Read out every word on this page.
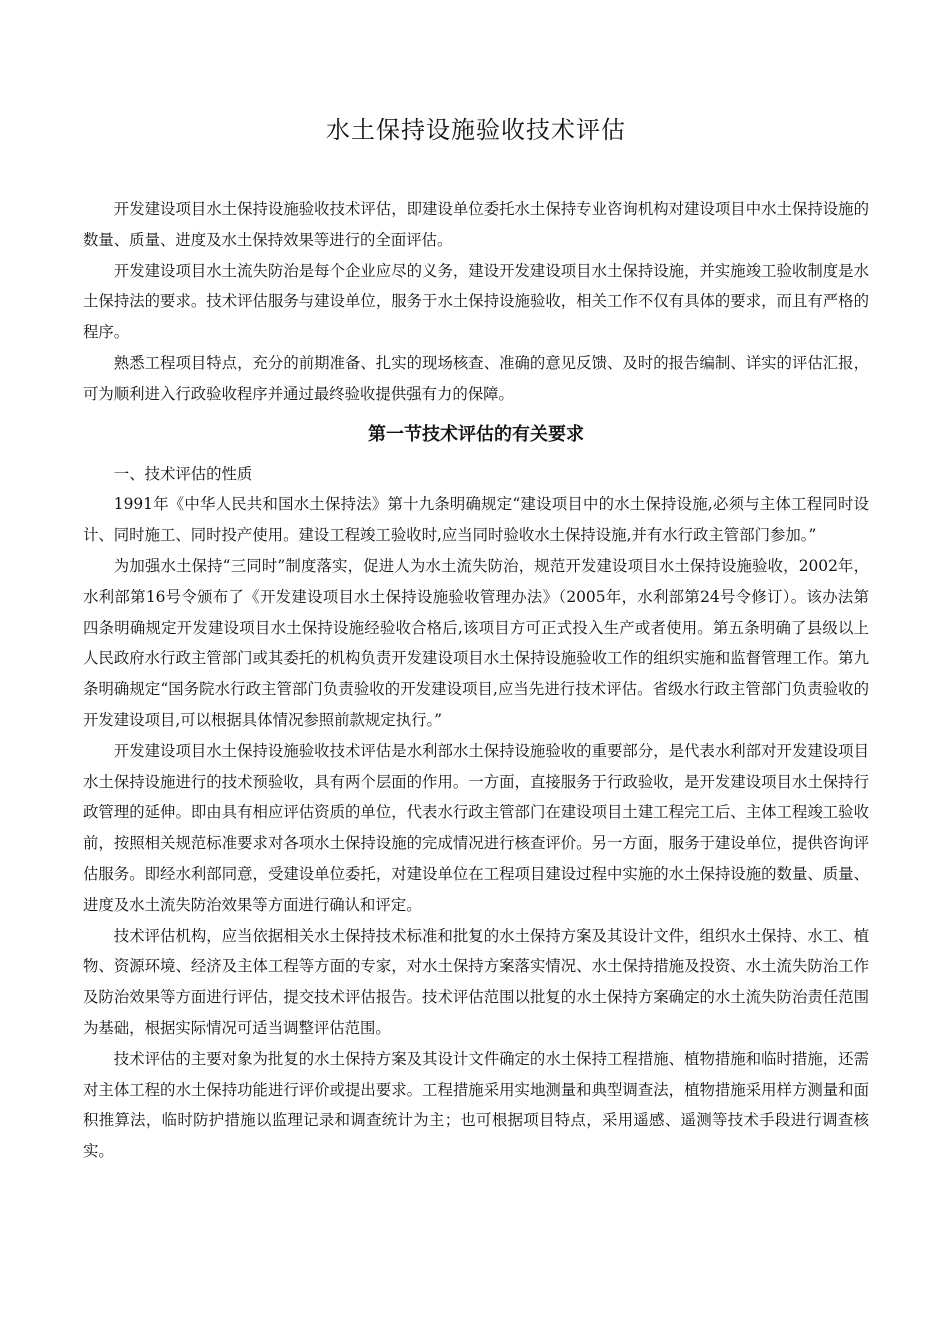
水土保持设施验收技术评估

开发建设项目水土保持设施验收技术评估，即建设单位委托水土保持专业咨询机构对建设项目中水土保持设施的数量、质量、进度及水土保持效果等进行的全面评估。

开发建设项目水土流失防治是每个企业应尽的义务，建设开发建设项目水土保持设施，并实施竣工验收制度是水土保持法的要求。技术评估服务与建设单位，服务于水土保持设施验收，相关工作不仅有具体的要求，而且有严格的程序。

熟悉工程项目特点，充分的前期准备、扎实的现场核查、准确的意见反馈、及时的报告编制、详实的评估汇报，可为顺利进入行政验收程序并通过最终验收提供强有力的保障。

第一节技术评估的有关要求

一、技术评估的性质

1991年《中华人民共和国水土保持法》第十九条明确规定“建设项目中的水土保持设施,必须与主体工程同时设计、同时施工、同时投产使用。建设工程竣工验收时,应当同时验收水土保持设施,并有水行政主管部门参加。”

为加强水土保持“三同时”制度落实，促进人为水土流失防治，规范开发建设项目水土保持设施验收，2002年，水利部第16号令颁布了《开发建设项目水土保持设施验收管理办法》（2005年，水利部第24号令修订）。该办法第四条明确规定开发建设项目水土保持设施经验收合格后,该项目方可正式投入生产或者使用。第五条明确了县级以上人民政府水行政主管部门或其委托的机构负责开发建设项目水土保持设施验收工作的组织实施和监督管理工作。第九条明确规定“国务院水行政主管部门负责验收的开发建设项目,应当先进行技术评估。省级水行政主管部门负责验收的开发建设项目,可以根据具体情况参照前款规定执行。”

开发建设项目水土保持设施验收技术评估是水利部水土保持设施验收的重要部分，是代表水利部对开发建设项目水土保持设施进行的技术预验收，具有两个层面的作用。一方面，直接服务于行政验收，是开发建设项目水土保持行政管理的延伸。即由具有相应评估资质的单位，代表水行政主管部门在建设项目土建工程完工后、主体工程竣工验收前，按照相关规范标准要求对各项水土保持设施的完成情况进行核查评价。另一方面，服务于建设单位，提供咨询评估服务。即经水利部同意，受建设单位委托，对建设单位在工程项目建设过程中实施的水土保持设施的数量、质量、进度及水土流失防治效果等方面进行确认和评定。

技术评估机构，应当依据相关水土保持技术标准和批复的水土保持方案及其设计文件，组织水土保持、水工、植物、资源环境、经济及主体工程等方面的专家，对水土保持方案落实情况、水土保持措施及投资、水土流失防治工作及防治效果等方面进行评估，提交技术评估报告。技术评估范围以批复的水土保持方案确定的水土流失防治责任范围为基础，根据实际情况可适当调整评估范围。

技术评估的主要对象为批复的水土保持方案及其设计文件确定的水土保持工程措施、植物措施和临时措施，还需对主体工程的水土保持功能进行评价或提出要求。工程措施采用实地测量和典型调查法，植物措施采用样方测量和面积推算法，临时防护措施以监理记录和调查统计为主；也可根据项目特点，采用遥感、遥测等技术手段进行调查核实。
